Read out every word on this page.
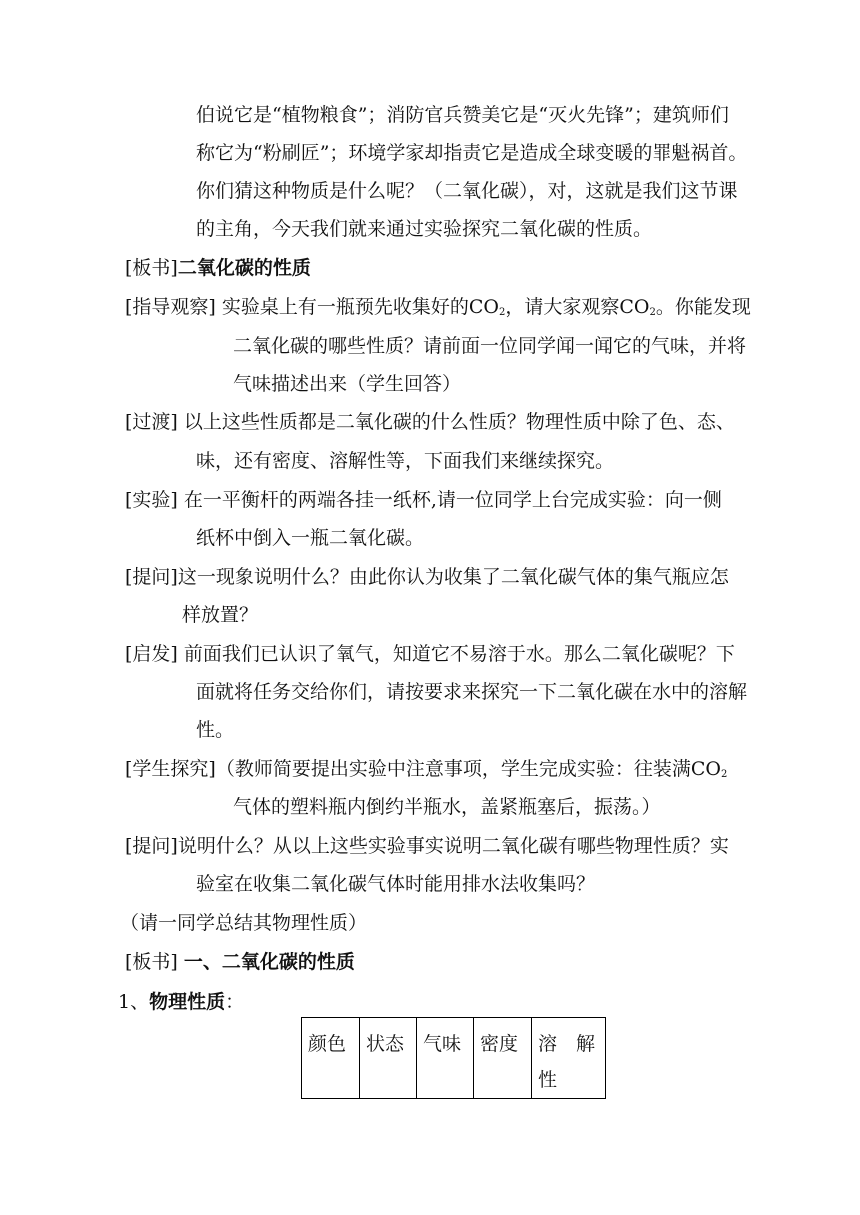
伯说它是“植物粮食”；消防官兵赞美它是“灭火先锋”；建筑师们
称它为“粉刷匠”；环境学家却指责它是造成全球变暖的罪魁祸首。
你们猜这种物质是什么呢？（二氧化碳），对，这就是我们这节课
的主角，今天我们就来通过实验探究二氧化碳的性质。
[板书]二氧化碳的性质
[指导观察] 实验桌上有一瓶预先收集好的$CO_2$，请大家观察$CO_2$。你能发现
二氧化碳的哪些性质？请前面一位同学闻一闻它的气味，并将
气味描述出来（学生回答）
[过渡] 以上这些性质都是二氧化碳的什么性质？物理性质中除了色、态、
味，还有密度、溶解性等，下面我们来继续探究。
[实验] 在一平衡杆的两端各挂一纸杯,请一位同学上台完成实验：向一侧
纸杯中倒入一瓶二氧化碳。
[提问]这一现象说明什么？由此你认为收集了二氧化碳气体的集气瓶应怎
样放置？
[启发] 前面我们已认识了氧气，知道它不易溶于水。那么二氧化碳呢？下
面就将任务交给你们，请按要求来探究一下二氧化碳在水中的溶解
性。
[学生探究]（教师简要提出实验中注意事项，学生完成实验：往装满$CO_2$
气体的塑料瓶内倒约半瓶水，盖紧瓶塞后，振荡。）
[提问]说明什么？从以上这些实验事实说明二氧化碳有哪些物理性质？实
验室在收集二氧化碳气体时能用排水法收集吗？
（请一同学总结其物理性质）
[板书] 一、二氧化碳的性质
1、物理性质：
颜色	状态	气味	密度	溶　解性
